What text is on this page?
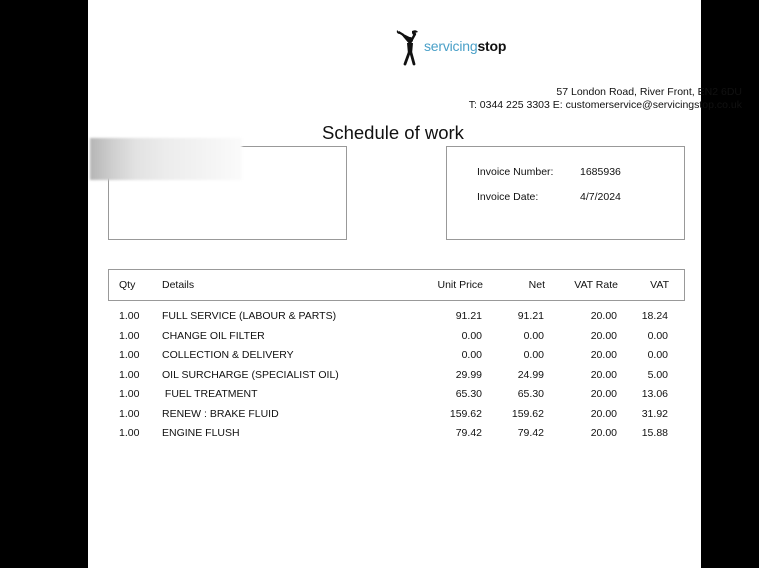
servicingstop
57 London Road, River Front, EN2 6DU
T: 0344 225 3303 E: customerservice@servicingstop.co.uk
Schedule of work
Invoice Number:	1685936
Invoice Date:	4/7/2024
Qty	Details	Unit Price	Net	VAT Rate	VAT
1.00 FULL SERVICE (LABOUR & PARTS)	91.21	91.21	20.00 18.24
1.00 CHANGE OIL FILTER	0.00	0.00	20.00	0.00
1.00 COLLECTION & DELIVERY	0.00	0.00	20.00	0.00
1.00 OIL SURCHARGE (SPECIALIST OIL)	29.99	24.99	20.00	5.00
1.00 FUEL TREATMENT	65.30	65.30	20.00 13.06
1.00 RENEW : BRAKE FLUID	159.62	159.62	20.00 31.92
1.00 ENGINE FLUSH	79.42	79.42	20.00 15.88
